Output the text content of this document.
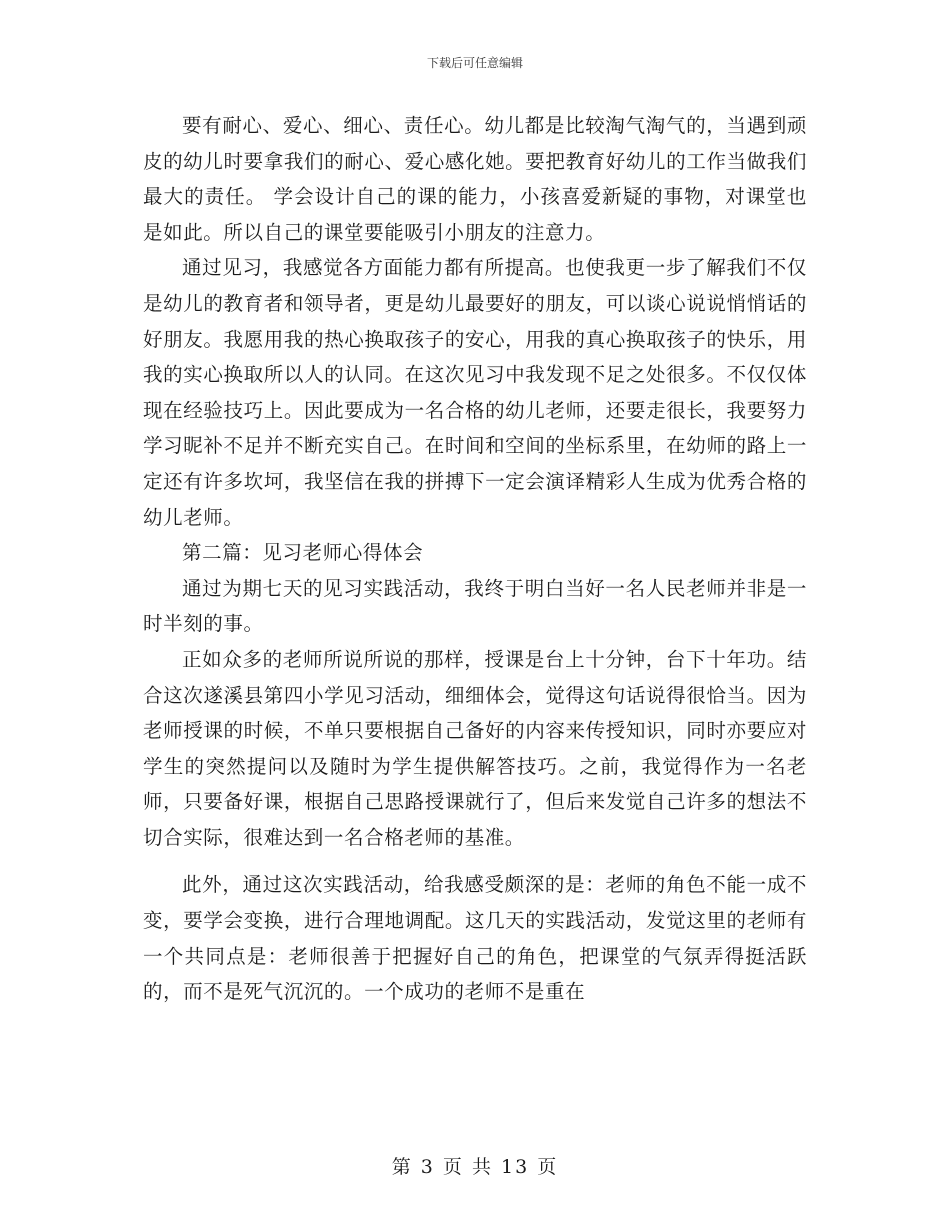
下载后可任意编辑

要有耐心、爱心、细心、责任心。幼儿都是比较淘气淘气的，当遇到顽皮的幼儿时要拿我们的耐心、爱心感化她。要把教育好幼儿的工作当做我们最大的责任。 学会设计自己的课的能力，小孩喜爱新疑的事物，对课堂也是如此。所以自己的课堂要能吸引小朋友的注意力。

通过见习，我感觉各方面能力都有所提高。也使我更一步了解我们不仅是幼儿的教育者和领导者，更是幼儿最要好的朋友，可以谈心说说悄悄话的好朋友。我愿用我的热心换取孩子的安心，用我的真心换取孩子的快乐，用我的实心换取所以人的认同。在这次见习中我发现不足之处很多。不仅仅体现在经验技巧上。因此要成为一名合格的幼儿老师，还要走很长，我要努力学习昵补不足并不断充实自己。在时间和空间的坐标系里，在幼师的路上一定还有许多坎坷，我坚信在我的拼搏下一定会演译精彩人生成为优秀合格的幼儿老师。

第二篇：见习老师心得体会

通过为期七天的见习实践活动，我终于明白当好一名人民老师并非是一时半刻的事。

正如众多的老师所说所说的那样，授课是台上十分钟，台下十年功。结合这次遂溪县第四小学见习活动，细细体会，觉得这句话说得很恰当。因为老师授课的时候，不单只要根据自己备好的内容来传授知识，同时亦要应对学生的突然提问以及随时为学生提供解答技巧。之前，我觉得作为一名老师，只要备好课，根据自己思路授课就行了，但后来发觉自己许多的想法不切合实际，很难达到一名合格老师的基准。

此外，通过这次实践活动，给我感受颇深的是：老师的角色不能一成不变，要学会变换，进行合理地调配。这几天的实践活动，发觉这里的老师有一个共同点是：老师很善于把握好自己的角色，把课堂的气氛弄得挺活跃的，而不是死气沉沉的。一个成功的老师不是重在

第 3 页 共 13 页
